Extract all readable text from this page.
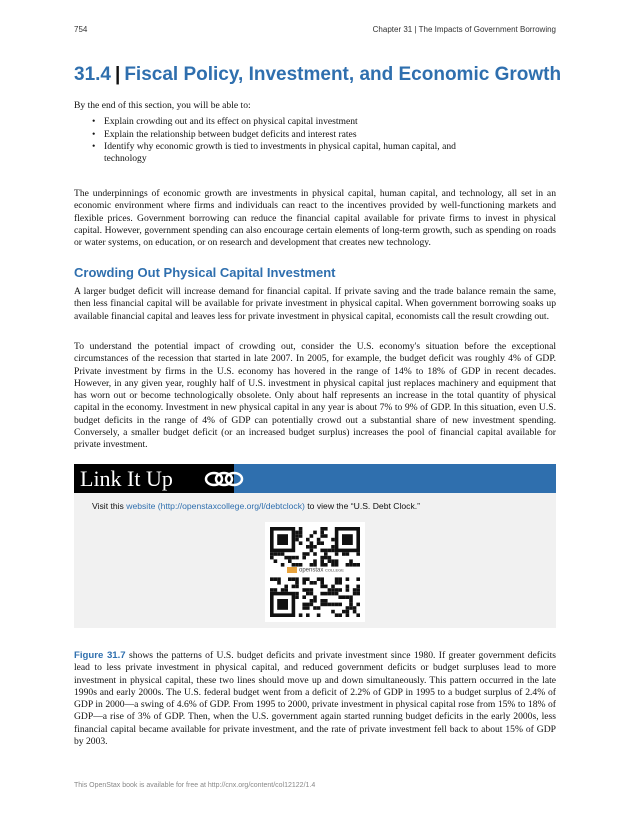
754	Chapter 31 | The Impacts of Government Borrowing
31.4 | Fiscal Policy, Investment, and Economic Growth

By the end of this section, you will be able to:

• Explain crowding out and its effect on physical capital investment
• Explain the relationship between budget deficits and interest rates
• Identify why economic growth is tied to investments in physical capital, human capital, and technology

The underpinnings of economic growth are investments in physical capital, human capital, and technology, all set in an economic environment where firms and individuals can react to the incentives provided by well-functioning markets and flexible prices. Government borrowing can reduce the financial capital available for private firms to invest in physical capital. However, government spending can also encourage certain elements of long-term growth, such as spending on roads or water systems, on education, or on research and development that creates new technology.

Crowding Out Physical Capital Investment

A larger budget deficit will increase demand for financial capital. If private saving and the trade balance remain the same, then less financial capital will be available for private investment in physical capital. When government borrowing soaks up available financial capital and leaves less for private investment in physical capital, economists call the result crowding out.

To understand the potential impact of crowding out, consider the U.S. economy's situation before the exceptional circumstances of the recession that started in late 2007. In 2005, for example, the budget deficit was roughly 4% of GDP. Private investment by firms in the U.S. economy has hovered in the range of 14% to 18% of GDP in recent decades. However, in any given year, roughly half of U.S. investment in physical capital just replaces machinery and equipment that has worn out or become technologically obsolete. Only about half represents an increase in the total quantity of physical capital in the economy. Investment in new physical capital in any year is about 7% to 9% of GDP. In this situation, even U.S. budget deficits in the range of 4% of GDP can potentially crowd out a substantial share of new investment spending. Conversely, a smaller budget deficit (or an increased budget surplus) increases the pool of financial capital available for private investment.

Link It Up
Visit this website (http://openstaxcollege.org/l/debtclock) to view the “U.S. Debt Clock.”
openstax COLLEGE

Figure 31.7 shows the patterns of U.S. budget deficits and private investment since 1980. If greater government deficits lead to less private investment in physical capital, and reduced government deficits or budget surpluses lead to more investment in physical capital, these two lines should move up and down simultaneously. This pattern occurred in the late 1990s and early 2000s. The U.S. federal budget went from a deficit of 2.2% of GDP in 1995 to a budget surplus of 2.4% of GDP in 2000—a swing of 4.6% of GDP. From 1995 to 2000, private investment in physical capital rose from 15% to 18% of GDP—a rise of 3% of GDP. Then, when the U.S. government again started running budget deficits in the early 2000s, less financial capital became available for private investment, and the rate of private investment fell back to about 15% of GDP by 2003.

This OpenStax book is available for free at http://cnx.org/content/col12122/1.4
